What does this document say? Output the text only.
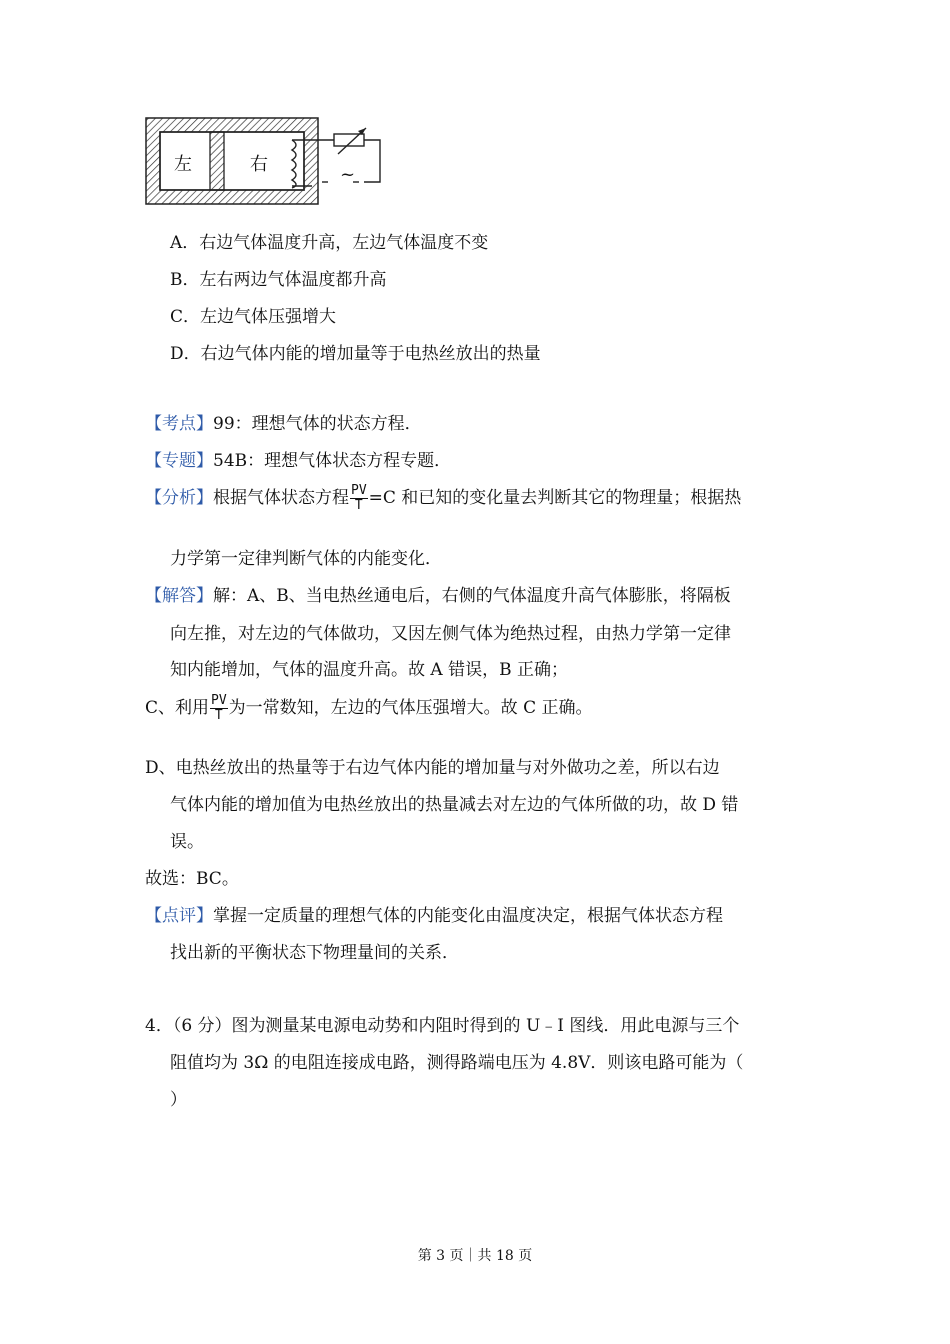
左	右	~
A．右边气体温度升高，左边气体温度不变
B．左右两边气体温度都升高
C．左边气体压强增大
D．右边气体内能的增加量等于电热丝放出的热量
【考点】99：理想气体的状态方程．
【专题】54B：理想气体状态方程专题．
【分析】根据气体状态方程 $\frac{PV}{T} =C$ 和已知的变化量去判断其它的物理量；根据热
力学第一定律判断气体的内能变化．
【解答】解：A、B、当电热丝通电后，右侧的气体温度升高气体膨胀，将隔板
向左推，对左边的气体做功，又因左侧气体为绝热过程，由热力学第一定律
知内能增加，气体的温度升高。故 A 错误，B 正确；
C、利用 $\frac{PV}{T}$ 为一常数知，左边的气体压强增大。故 C 正确。
D、电热丝放出的热量等于右边气体内能的增加量与对外做功之差，所以右边
气体内能的增加值为电热丝放出的热量减去对左边的气体所做的功，故 D 错
误。
故选：BC。
【点评】掌握一定质量的理想气体的内能变化由温度决定，根据气体状态方程
找出新的平衡状态下物理量间的关系．
4．（6 分）图为测量某电源电动势和内阻时得到的 U﹣I 图线．用此电源与三个
阻值均为 3Ω 的电阻连接成电路，测得路端电压为 4.8V．则该电路可能为（
）
第 3 页｜共 18 页
